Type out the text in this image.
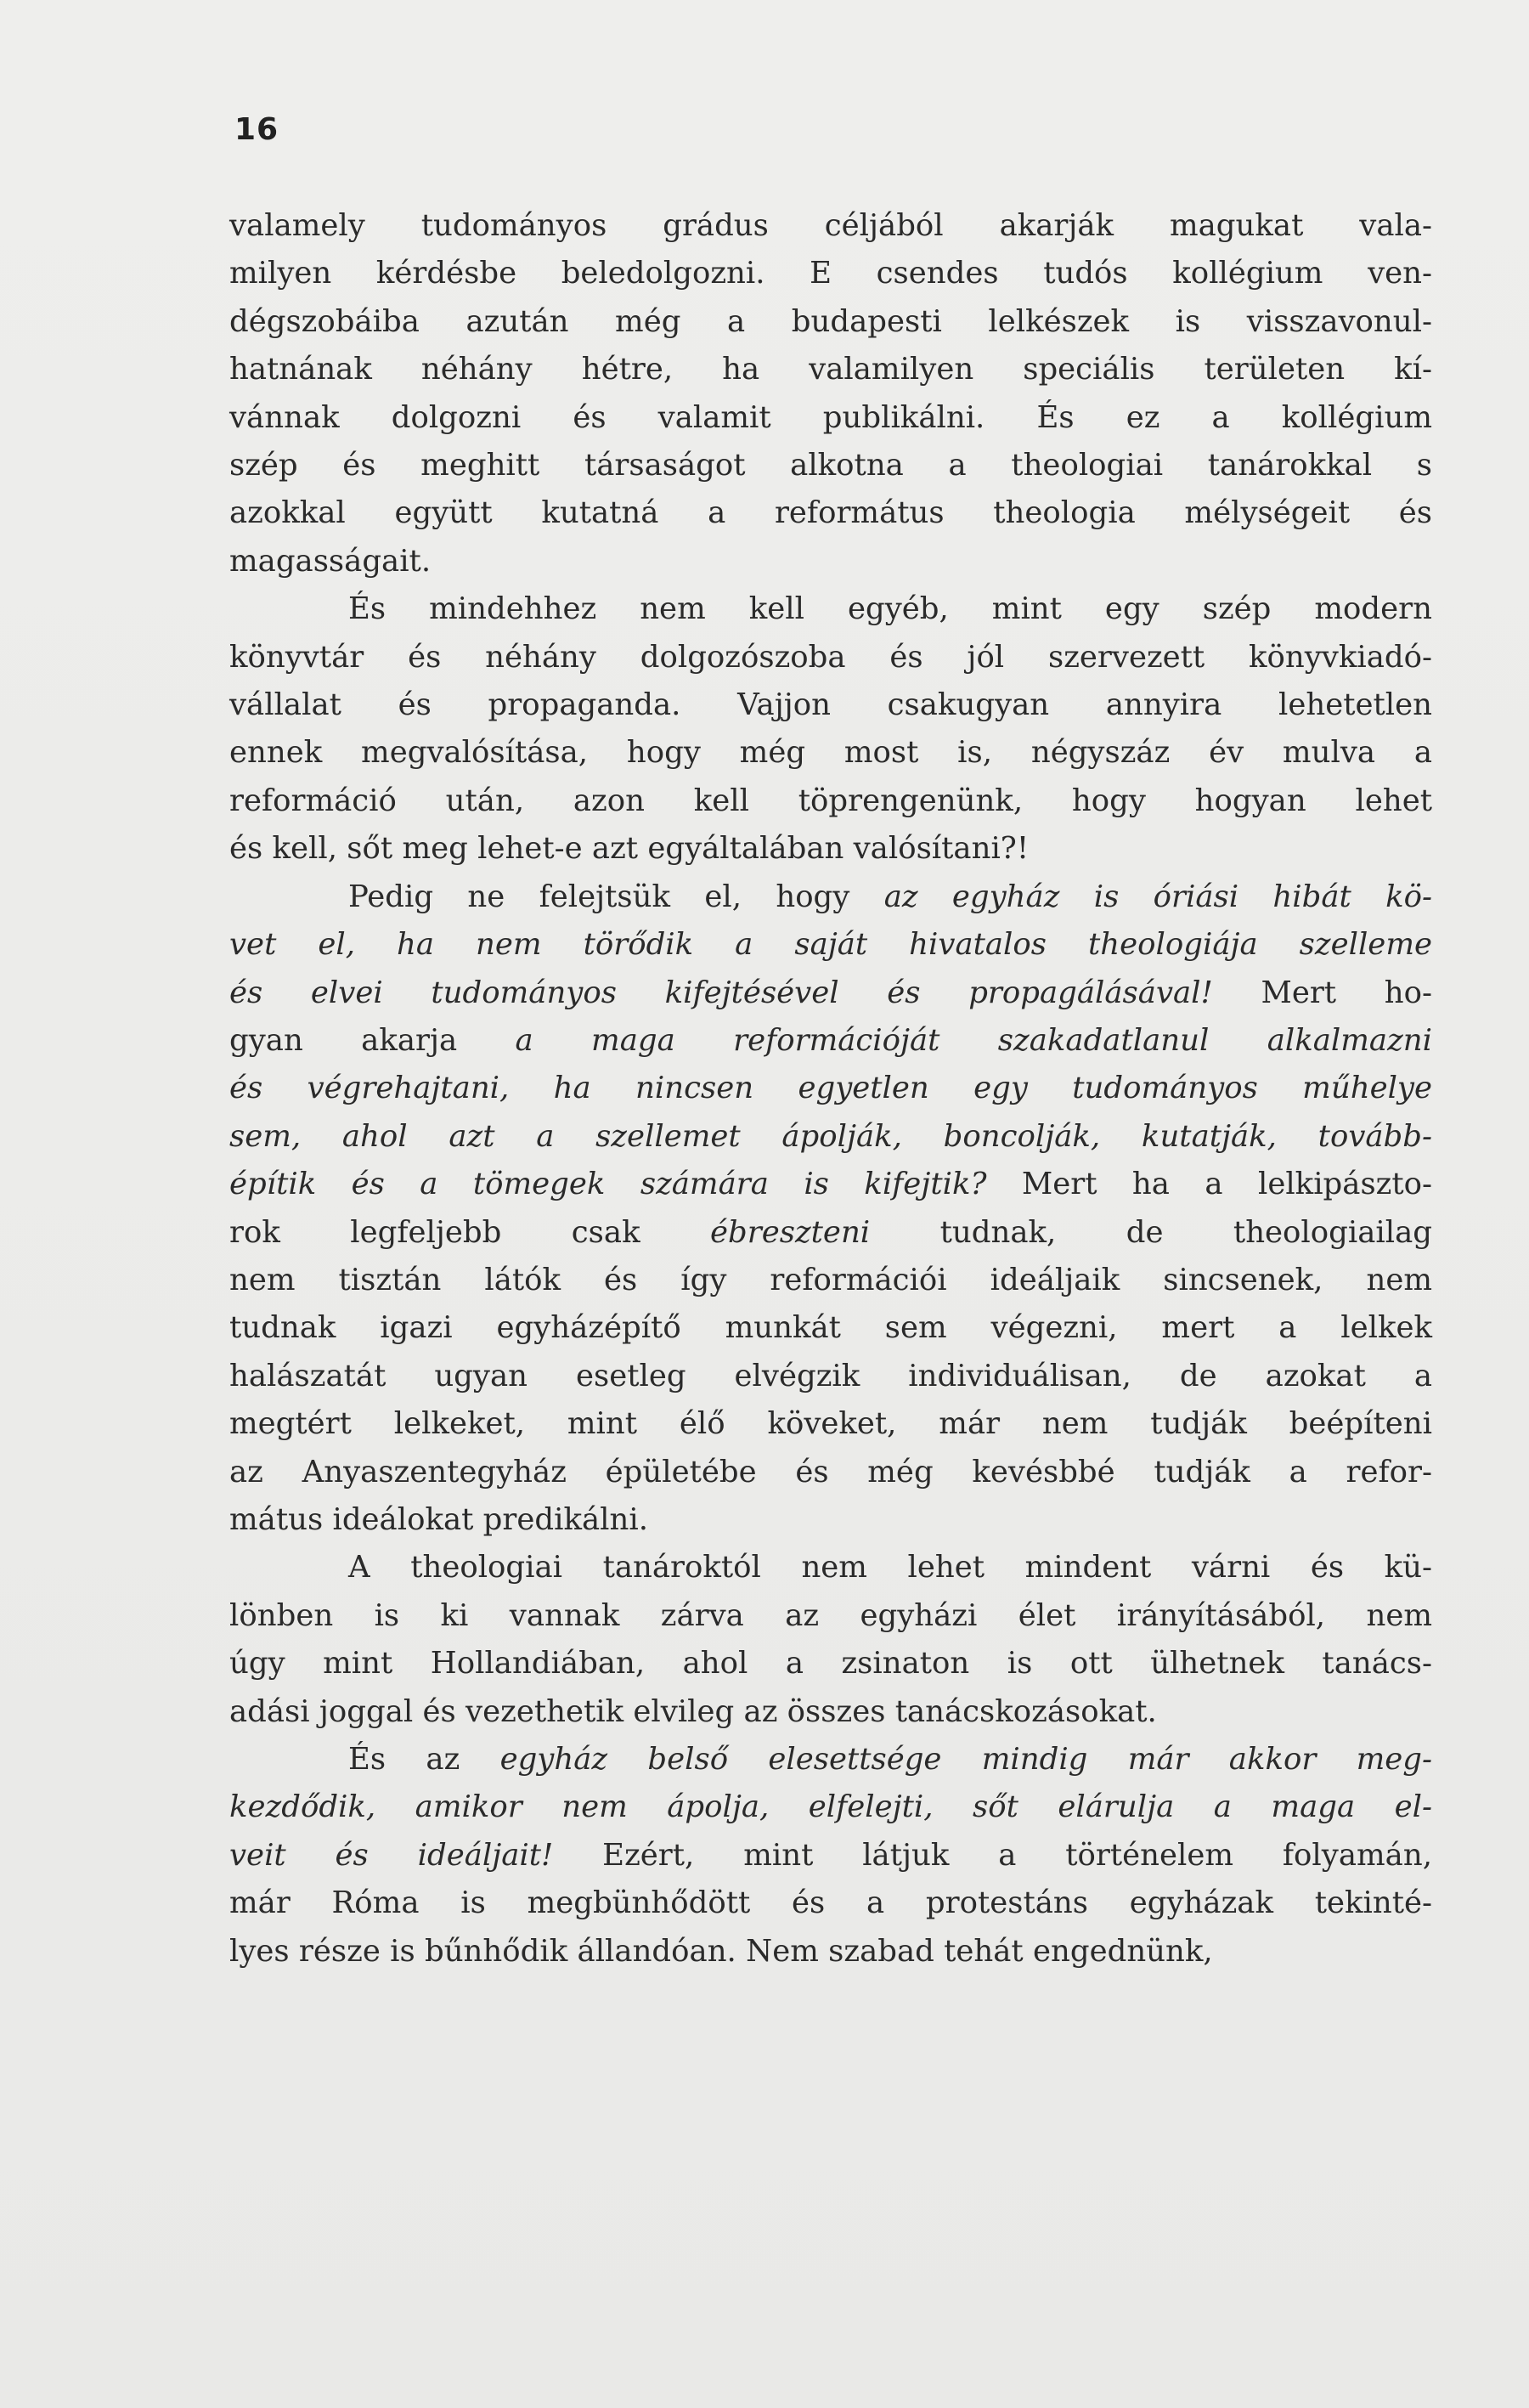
16
valamely tudományos grádus céljából akarják magukat vala-
milyen kérdésbe beledolgozni. E csendes tudós kollégium ven-
dégszobáiba azután még a budapesti lelkészek is visszavonul-
hatnának néhány hétre, ha valamilyen speciális területen kí-
vánnak dolgozni és valamit publikálni. És ez a kollégium
szép és meghitt társaságot alkotna a theologiai tanárokkal s
azokkal együtt kutatná a református theologia mélységeit és
magasságait.
És mindehhez nem kell egyéb, mint egy szép modern
könyvtár és néhány dolgozószoba és jól szervezett könyvkiadó-
vállalat és propaganda. Vajjon csakugyan annyira lehetetlen
ennek megvalósítása, hogy még most is, négyszáz év mulva a
reformáció után, azon kell töprengenünk, hogy hogyan lehet
és kell, sőt meg lehet-e azt egyáltalában valósítani?!
Pedig ne felejtsük el, hogy az egyház is óriási hibát kö-
vet el, ha nem törődik a saját hivatalos theologiája szelleme
és elvei tudományos kifejtésével és propagálásával! Mert ho-
gyan akarja a maga reformációját szakadatlanul alkalmazni
és végrehajtani, ha nincsen egyetlen egy tudományos műhelye
sem, ahol azt a szellemet ápolják, boncolják, kutatják, tovább-
építik és a tömegek számára is kifejtik? Mert ha a lelkipászto-
rok legfeljebb csak ébreszteni tudnak, de theologiailag
nem tisztán látók és így reformációi ideáljaik sincsenek, nem
tudnak igazi egyházépítő munkát sem végezni, mert a lelkek
halászatát ugyan esetleg elvégzik individuálisan, de azokat a
megtért lelkeket, mint élő köveket, már nem tudják beépíteni
az Anyaszentegyház épületébe és még kevésbbé tudják a refor-
mátus ideálokat predikálni.
A theologiai tanároktól nem lehet mindent várni és kü-
lönben is ki vannak zárva az egyházi élet irányításából, nem
úgy mint Hollandiában, ahol a zsinaton is ott ülhetnek tanács-
adási joggal és vezethetik elvileg az összes tanácskozásokat.
És az egyház belső elesettsége mindig már akkor meg-
kezdődik, amikor nem ápolja, elfelejti, sőt elárulja a maga el-
veit és ideáljait! Ezért, mint látjuk a történelem folyamán,
már Róma is megbünhődött és a protestáns egyházak tekinté-
lyes része is bűnhődik állandóan. Nem szabad tehát engednünk,
